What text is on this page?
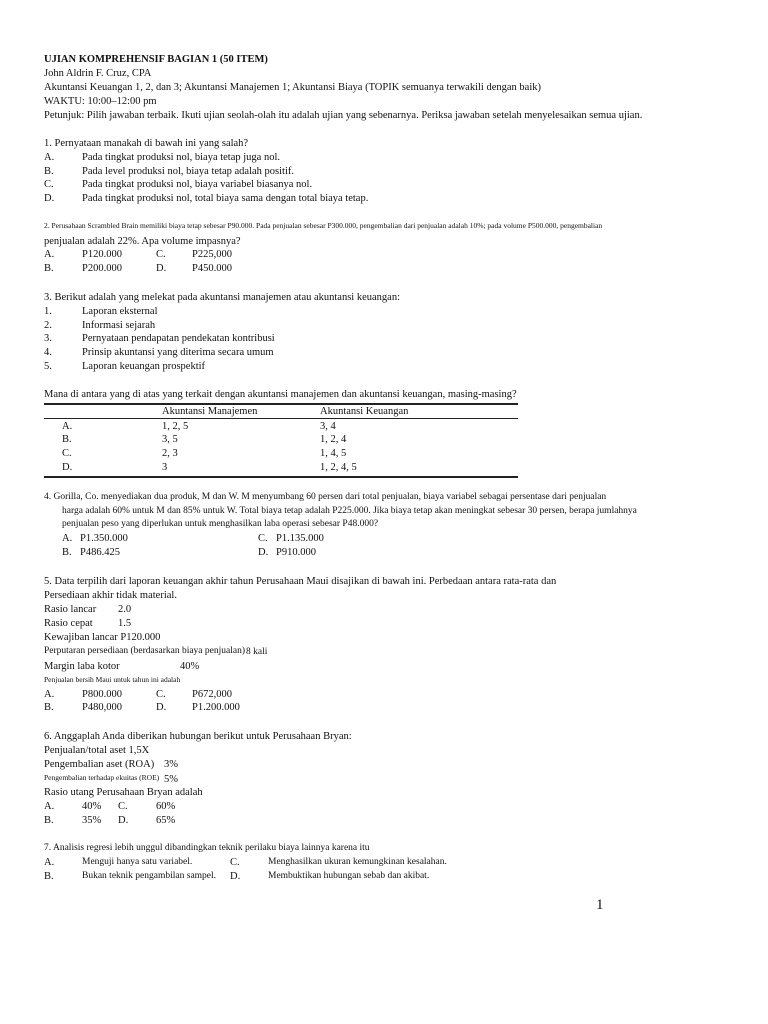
UJIAN KOMPREHENSIF BAGIAN 1 (50 ITEM)
John Aldrin F. Cruz, CPA
Akuntansi Keuangan 1, 2, dan 3; Akuntansi Manajemen 1; Akuntansi Biaya (TOPIK semuanya terwakili dengan baik)
WAKTU: 10:00–12:00 pm
Petunjuk: Pilih jawaban terbaik. Ikuti ujian seolah-olah itu adalah ujian yang sebenarnya. Periksa jawaban setelah menyelesaikan semua ujian.
1. Pernyataan manakah di bawah ini yang salah?
A.	Pada tingkat produksi nol, biaya tetap juga nol.
B.	Pada level produksi nol, biaya tetap adalah positif.
C.	Pada tingkat produksi nol, biaya variabel biasanya nol.
D.	Pada tingkat produksi nol, total biaya sama dengan total biaya tetap.
2. Perusahaan Scrambled Brain memiliki biaya tetap sebesar P90.000. Pada penjualan sebesar P300.000, pengembalian dari penjualan adalah 10%; pada volume P500.000, pengembalian
penjualan adalah 22%. Apa volume impasnya?
A.	P120.000	C.	P225,000
B.	P200.000	D. P450.000
3. Berikut adalah yang melekat pada akuntansi manajemen atau akuntansi keuangan:
1.	Laporan eksternal
2.	Informasi sejarah
3.	Pernyataan pendapatan pendekatan kontribusi
4.	Prinsip akuntansi yang diterima secara umum
5.	Laporan keuangan prospektif
Mana di antara yang di atas yang terkait dengan akuntansi manajemen dan akuntansi keuangan, masing-masing?
Akuntansi Manajemen	Akuntansi Keuangan
A.	1, 2, 5	3, 4
B.	3, 5	1, 2, 4
C.	2, 3	1, 4, 5
D.	3	1, 2, 4, 5
4. Gorilla, Co. menyediakan dua produk, M dan W. M menyumbang 60 persen dari total penjualan, biaya variabel sebagai persentase dari penjualan
harga adalah 60% untuk M dan 85% untuk W. Total biaya tetap adalah P225.000. Jika biaya tetap akan meningkat sebesar 30 persen, berapa jumlahnya
penjualan peso yang diperlukan untuk menghasilkan laba operasi sebesar P48.000?
A. P1.350.000	C. P1.135.000
B. P486.425	D. P910.000
5. Data terpilih dari laporan keuangan akhir tahun Perusahaan Maui disajikan di bawah ini. Perbedaan antara rata-rata dan
Persediaan akhir tidak material.
Rasio lancar 2.0
Rasio cepat 1.5
Kewajiban lancar P120.000
Perputaran persediaan (berdasarkan biaya penjualan) 8 kali
Margin laba kotor	40%
Penjualan bersih Maui untuk tahun ini adalah
A.	P800.000	C.	P672,000
B.	P480,000	D. P1.200.000
6. Anggaplah Anda diberikan hubungan berikut untuk Perusahaan Bryan:
Penjualan/total aset 1,5X
Pengembalian aset (ROA) 3%
Pengembalian terhadap ekuitas (ROE) 5%
Rasio utang Perusahaan Bryan adalah
A.	40% C.	60%
B.	35% D.	65%
7. Analisis regresi lebih unggul dibandingkan teknik perilaku biaya lainnya karena itu
A.	Menguji hanya satu variabel.	C.	Menghasilkan ukuran kemungkinan kesalahan.
B.	Bukan teknik pengambilan sampel. D.	Membuktikan hubungan sebab dan akibat.
1
